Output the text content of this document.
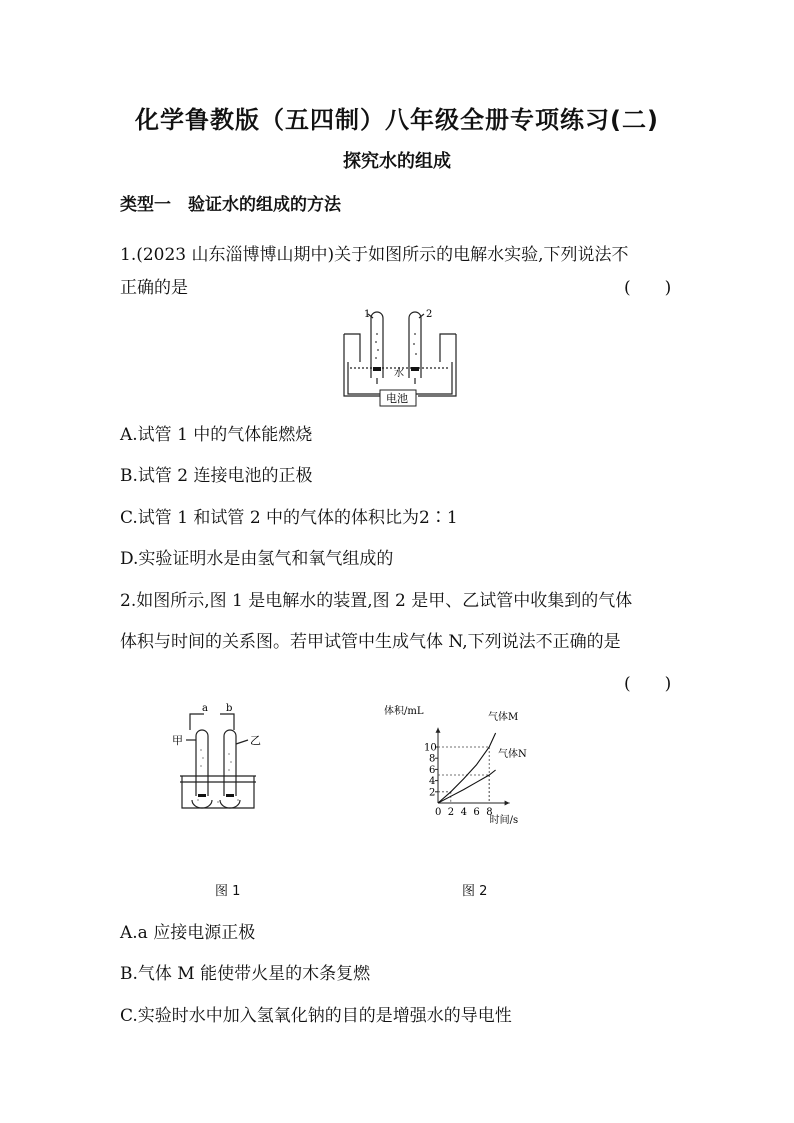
化学鲁教版（五四制）八年级全册专项练习(二)
探究水的组成
类型一　验证水的组成的方法
1.(2023 山东淄博博山期中)关于如图所示的电解水实验,下列说法不
正确的是	(　　)
1	2
水
电池
A.试管 1 中的气体能燃烧
B.试管 2 连接电池的正极
C.试管 1 和试管 2 中的气体的体积比为2∶1
D.实验证明水是由氢气和氧气组成的
2.如图所示,图 1 是电解水的装置,图 2 是甲、乙试管中收集到的气体
体积与时间的关系图。若甲试管中生成气体 N,下列说法不正确的是
(　　)
a b
甲	乙
0 2 4 6 8
2
4
6
8
10
气体M
气体N
体积/mL
时间/s
图 1	图 2
A.a 应接电源正极
B.气体 M 能使带火星的木条复燃
C.实验时水中加入氢氧化钠的目的是增强水的导电性
